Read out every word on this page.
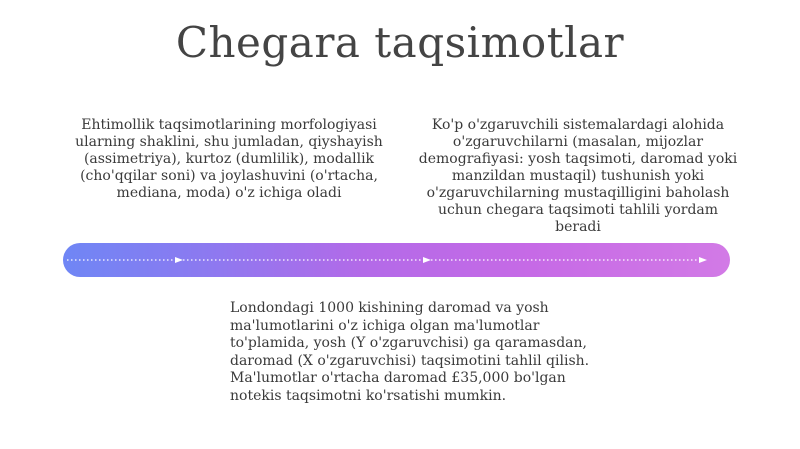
Chegara taqsimotlar
Ehtimollik taqsimotlarining morfologiyasi ularning shaklini, shu jumladan, qiyshayish (assimetriya), kurtoz (dumlilik), modallik (cho'qqilar soni) va joylashuvini (o'rtacha, mediana, moda) o'z ichiga oladi
Ko'p o'zgaruvchili sistemalardagi alohida o'zgaruvchilarni (masalan, mijozlar demografiyasi: yosh taqsimoti, daromad yoki manzildan mustaqil) tushunish yoki o'zgaruvchilarning mustaqilligini baholash uchun chegara taqsimoti tahlili yordam beradi
Londondagi 1000 kishining daromad va yosh ma'lumotlarini o'z ichiga olgan ma'lumotlar to'plamida, yosh (Y o'zgaruvchisi) ga qaramasdan, daromad (X o'zgaruvchisi) taqsimotini tahlil qilish. Ma'lumotlar o'rtacha daromad £35,000 bo'lgan notekis taqsimotni ko'rsatishi mumkin.
